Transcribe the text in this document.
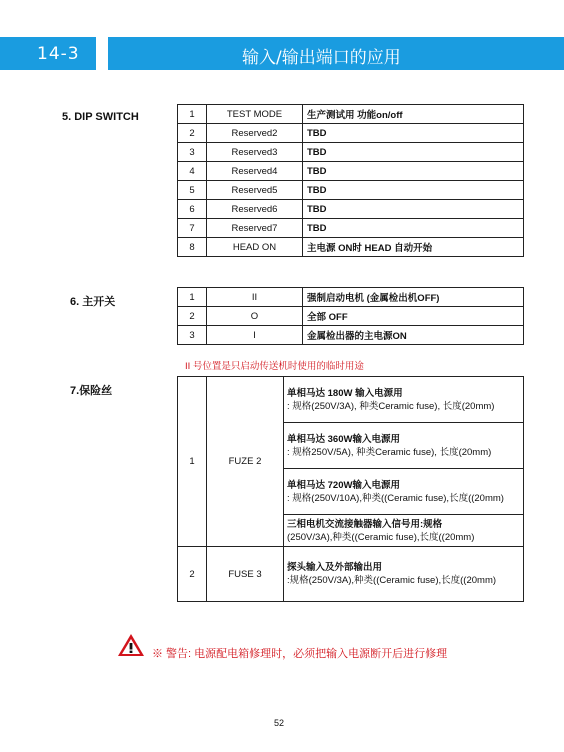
14-3	输入/输出端口的应用
5. DIP SWITCH	1	TEST MODE	生产测试用 功能on/off
2	Reserved2	TBD
3	Reserved3	TBD
4	Reserved4	TBD
5	Reserved5	TBD
6	Reserved6	TBD
7	Reserved7	TBD
8	HEAD ON	主电源 ON时 HEAD 自动开始
6. 主开关	1	II	强制启动电机 (金属检出机OFF)
2	O	全部 OFF
3	I	金属检出器的主电源ON
II 号位置是只启动传送机时使用的临时用途
7.保险丝
1	FUZE 2	单相马达 180W 输入电源用
: 规格(250V/3A), 种类Ceramic fuse), 长度(20mm)

		单相马达 360W输入电源用
: 规格250V/5A), 种类Ceramic fuse), 长度(20mm)

		单相马达 720W输入电源用
: 规格(250V/10A),种类((Ceramic fuse),长度((20mm)

		三相电机交流接触器输入信号用:规格
(250V/3A),种类((Ceramic fuse),长度((20mm)
2	FUSE 3	探头输入及外部输出用
:规格(250V/3A),种类((Ceramic fuse),长度((20mm)
※ 警告: 电源配电箱修理时，必须把输入电源断开后进行修理
52
